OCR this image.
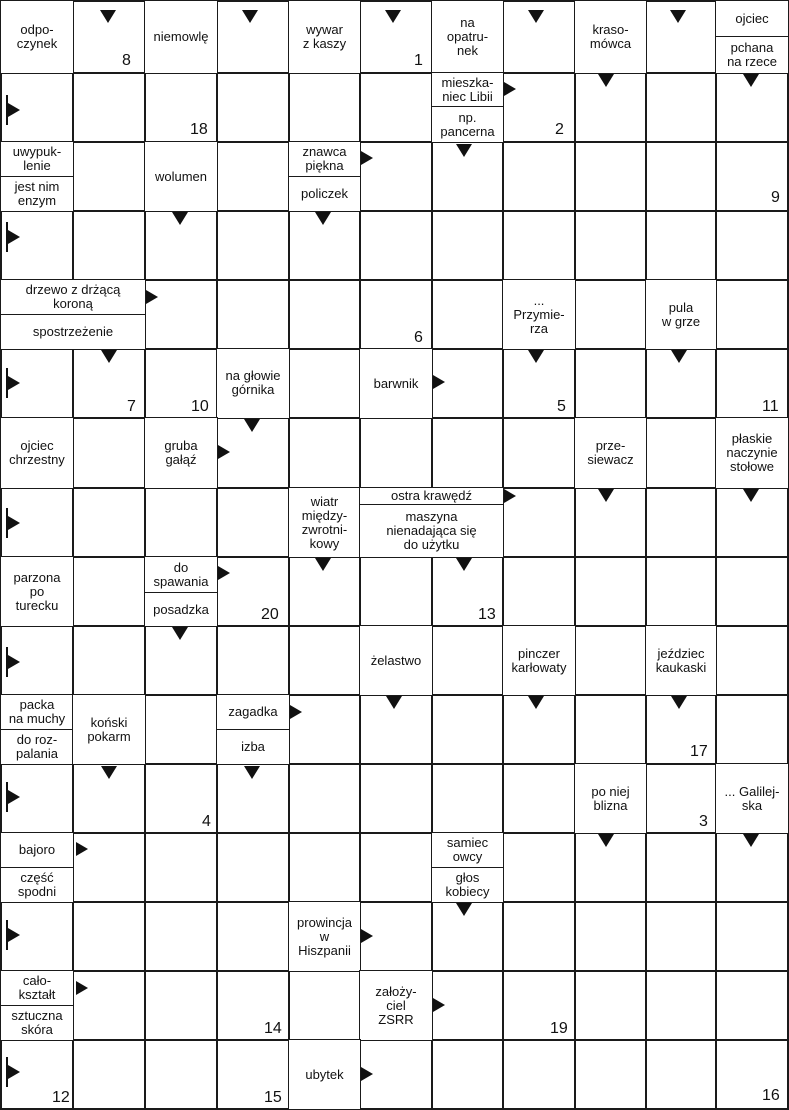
odpo-
czynek	niemowlę	wywar
z kaszy
na
opatru-
nek
kraso-
mówca
ojciec
pchana
na rzece
mieszka-
niec Libii
np.
pancerna
uwypuk-
lenie
jest nim
enzym
wolumen
znawca
piękna
policzek
drzewo z drżącą
koroną
spostrzeżenie
...
Przymie-
rza
pula
w grze
na głowie
górnika	barwnik
ojciec
chrzestny
gruba
gałąź
prze-
siewacz
płaskie
naczynie
stołowe
wiatr
między-
zwrotni-
kowy
ostra krawędź
maszyna
nienadająca się
do użytku
parzona
po
turecku
do
spawania
posadzka
żelastwo	pinczer
karłowaty
jeździec
kaukaski
packa
na muchy
do roz-
palania
koński
pokarm
zagadka
izba
po niej
blizna
... Galilej-
ska
bajoro
część
spodni
samiec
owcy
głos
kobiecy
prowincja
w
Hiszpanii
cało-
kształt
sztuczna
skóra
założy-
ciel
ZSRR
ubytek
8	1
18	2
9
6
7	10	5	11
20	13
17
4	3
14	19
12	15	16
